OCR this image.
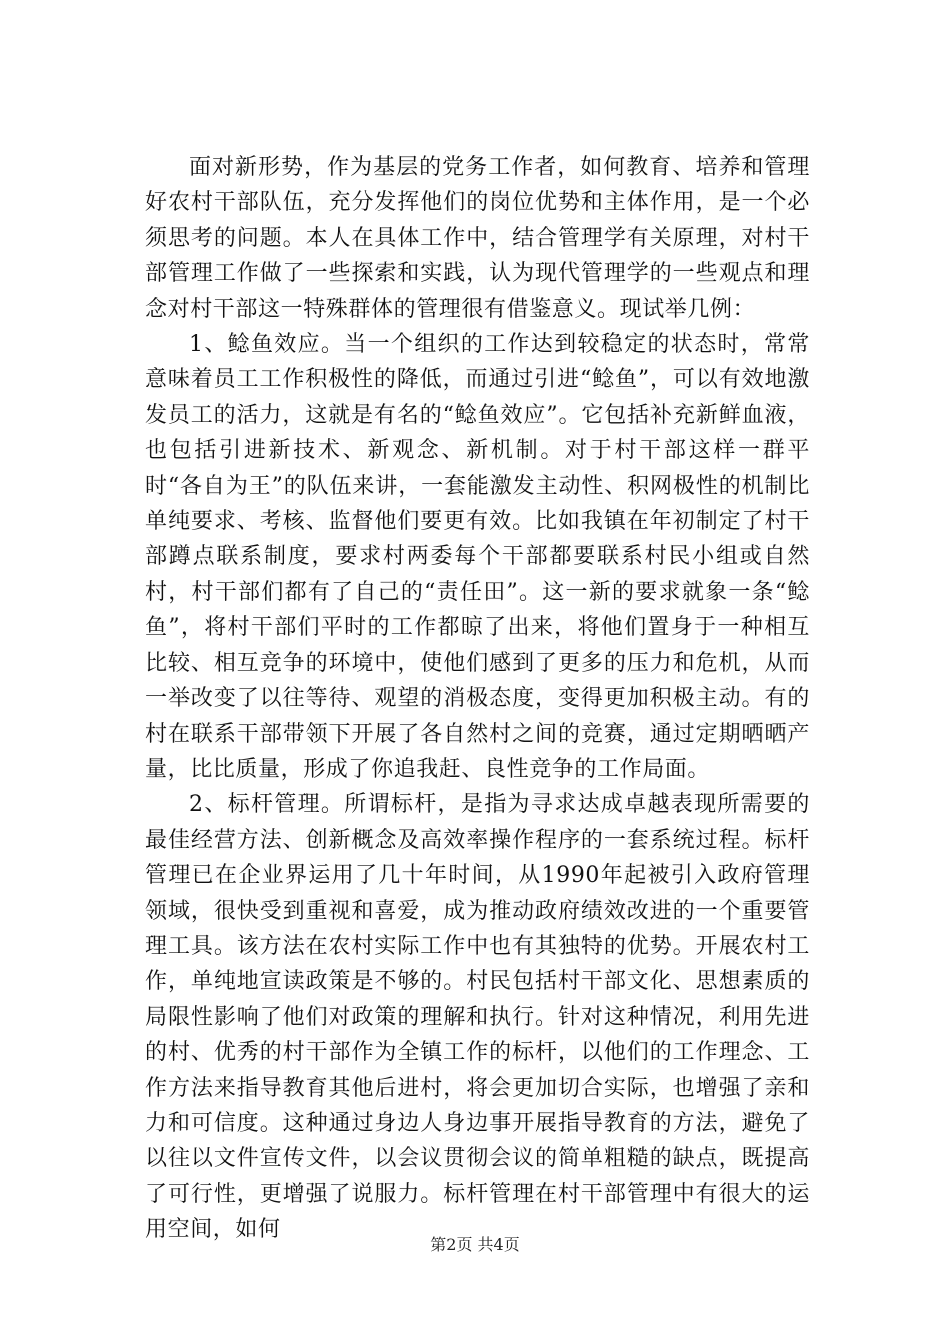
面对新形势，作为基层的党务工作者，如何教育、培养和管理好农村干部队伍，充分发挥他们的岗位优势和主体作用，是一个必须思考的问题。本人在具体工作中，结合管理学有关原理，对村干部管理工作做了一些探索和实践，认为现代管理学的一些观点和理念对村干部这一特殊群体的管理很有借鉴意义。现试举几例：

1、鲶鱼效应。当一个组织的工作达到较稳定的状态时，常常意味着员工工作积极性的降低，而通过引进“鲶鱼”，可以有效地激发员工的活力，这就是有名的“鲶鱼效应”。它包括补充新鲜血液，也包括引进新技术、新观念、新机制。对于村干部这样一群平时“各自为王”的队伍来讲，一套能激发主动性、积网极性的机制比单纯要求、考核、监督他们要更有效。比如我镇在年初制定了村干部蹲点联系制度，要求村两委每个干部都要联系村民小组或自然村，村干部们都有了自己的“责任田”。这一新的要求就象一条“鲶鱼”，将村干部们平时的工作都晾了出来，将他们置身于一种相互比较、相互竞争的环境中，使他们感到了更多的压力和危机，从而一举改变了以往等待、观望的消极态度，变得更加积极主动。有的村在联系干部带领下开展了各自然村之间的竞赛，通过定期晒晒产量，比比质量，形成了你追我赶、良性竞争的工作局面。

2、标杆管理。所谓标杆，是指为寻求达成卓越表现所需要的最佳经营方法、创新概念及高效率操作程序的一套系统过程。标杆管理已在企业界运用了几十年时间，从1990年起被引入政府管理领域，很快受到重视和喜爱，成为推动政府绩效改进的一个重要管理工具。该方法在农村实际工作中也有其独特的优势。开展农村工作，单纯地宣读政策是不够的。村民包括村干部文化、思想素质的局限性影响了他们对政策的理解和执行。针对这种情况，利用先进的村、优秀的村干部作为全镇工作的标杆，以他们的工作理念、工作方法来指导教育其他后进村，将会更加切合实际，也增强了亲和力和可信度。这种通过身边人身边事开展指导教育的方法，避免了以往以文件宣传文件，以会议贯彻会议的简单粗糙的缺点，既提高了可行性，更增强了说服力。标杆管理在村干部管理中有很大的运用空间，如何

第2页 共4页
